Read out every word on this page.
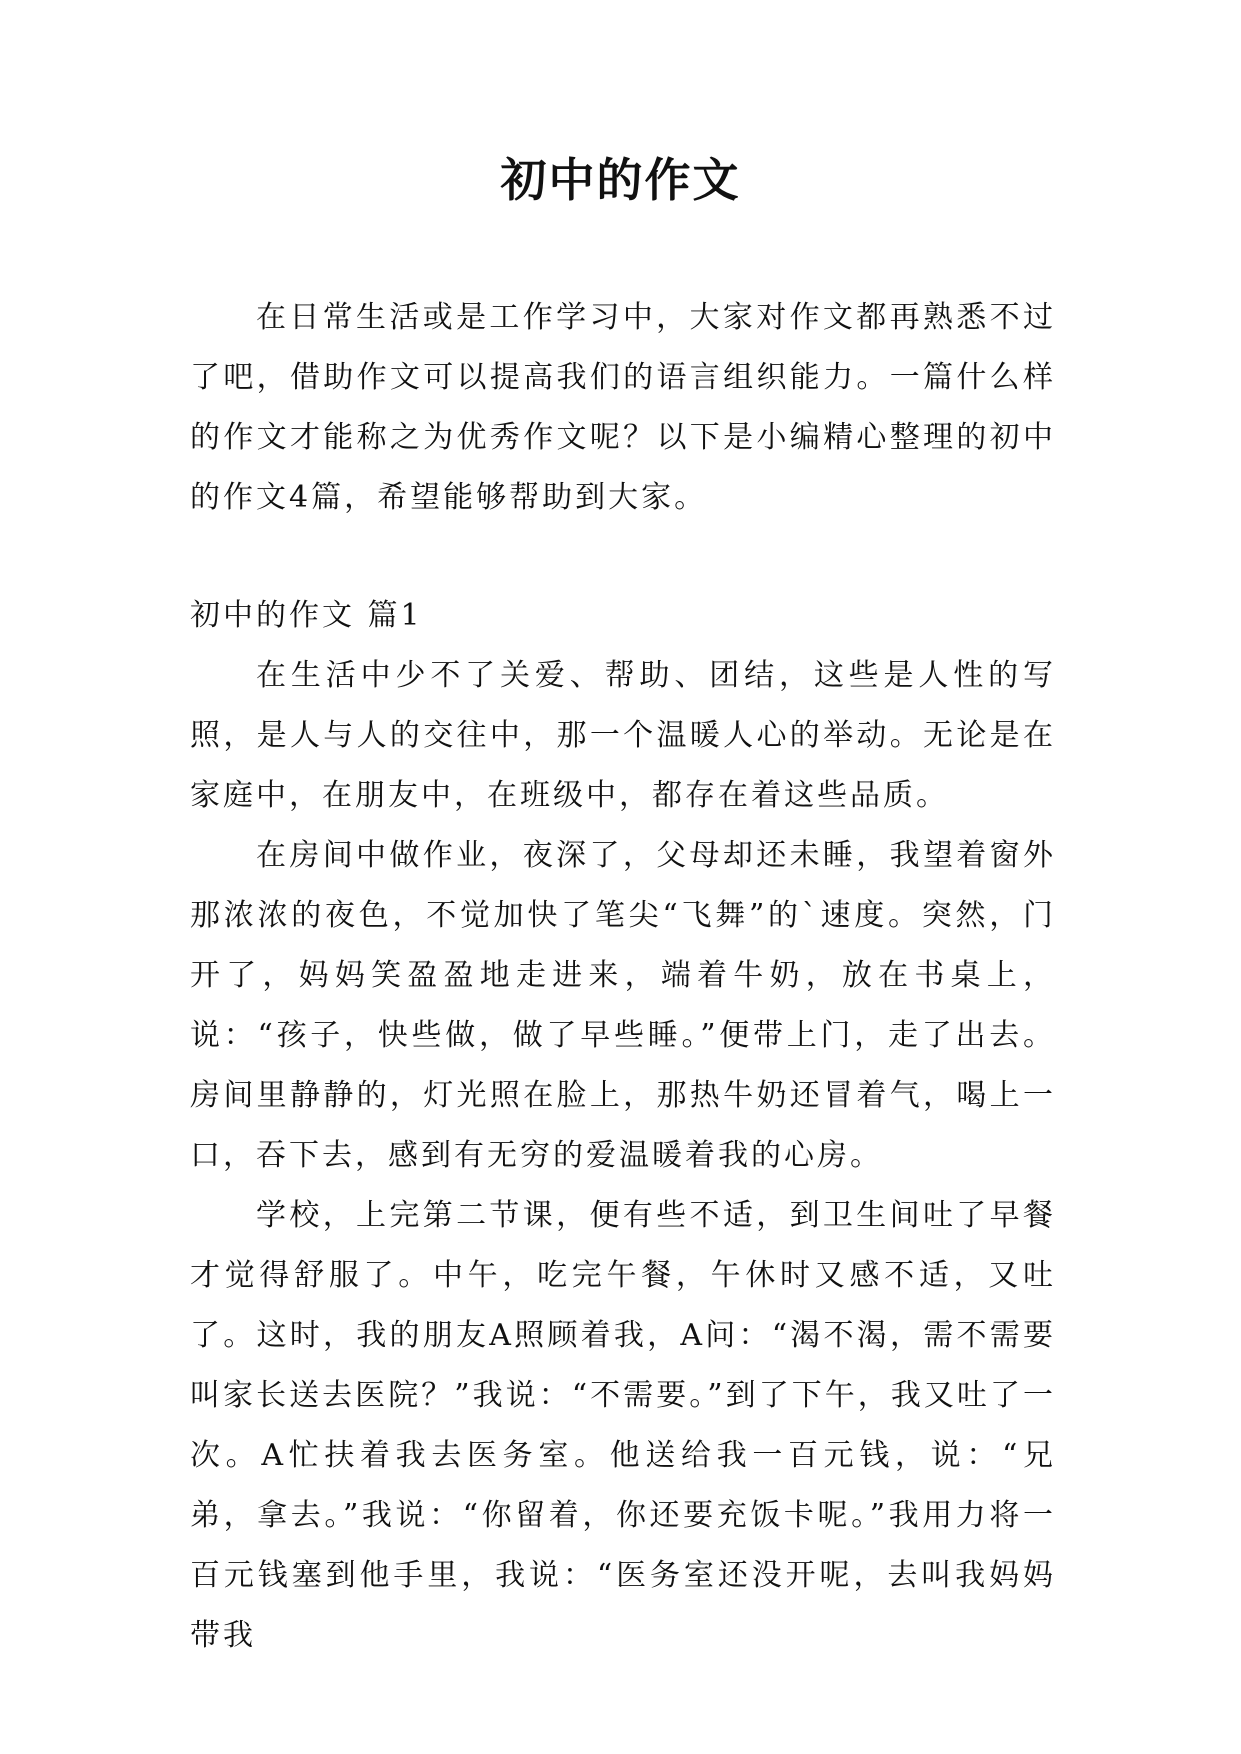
初中的作文

在日常生活或是工作学习中，大家对作文都再熟悉不过了吧，借助作文可以提高我们的语言组织能力。一篇什么样的作文才能称之为优秀作文呢？以下是小编精心整理的初中的作文4篇，希望能够帮助到大家。

初中的作文 篇1

在生活中少不了关爱、帮助、团结，这些是人性的写照，是人与人的交往中，那一个温暖人心的举动。无论是在家庭中，在朋友中，在班级中，都存在着这些品质。

在房间中做作业，夜深了，父母却还未睡，我望着窗外那浓浓的夜色，不觉加快了笔尖“飞舞”的`速度。突然，门开了，妈妈笑盈盈地走进来，端着牛奶，放在书桌上，说：“孩子，快些做，做了早些睡。”便带上门，走了出去。房间里静静的，灯光照在脸上，那热牛奶还冒着气，喝上一口，吞下去，感到有无穷的爱温暖着我的心房。

学校，上完第二节课，便有些不适，到卫生间吐了早餐才觉得舒服了。中午，吃完午餐，午休时又感不适，又吐了。这时，我的朋友A照顾着我，A问：“渴不渴，需不需要叫家长送去医院？”我说：“不需要。”到了下午，我又吐了一次。A忙扶着我去医务室。他送给我一百元钱，说：“兄弟，拿去。”我说：“你留着，你还要充饭卡呢。”我用力将一百元钱塞到他手里，我说：“医务室还没开呢，去叫我妈妈带我
